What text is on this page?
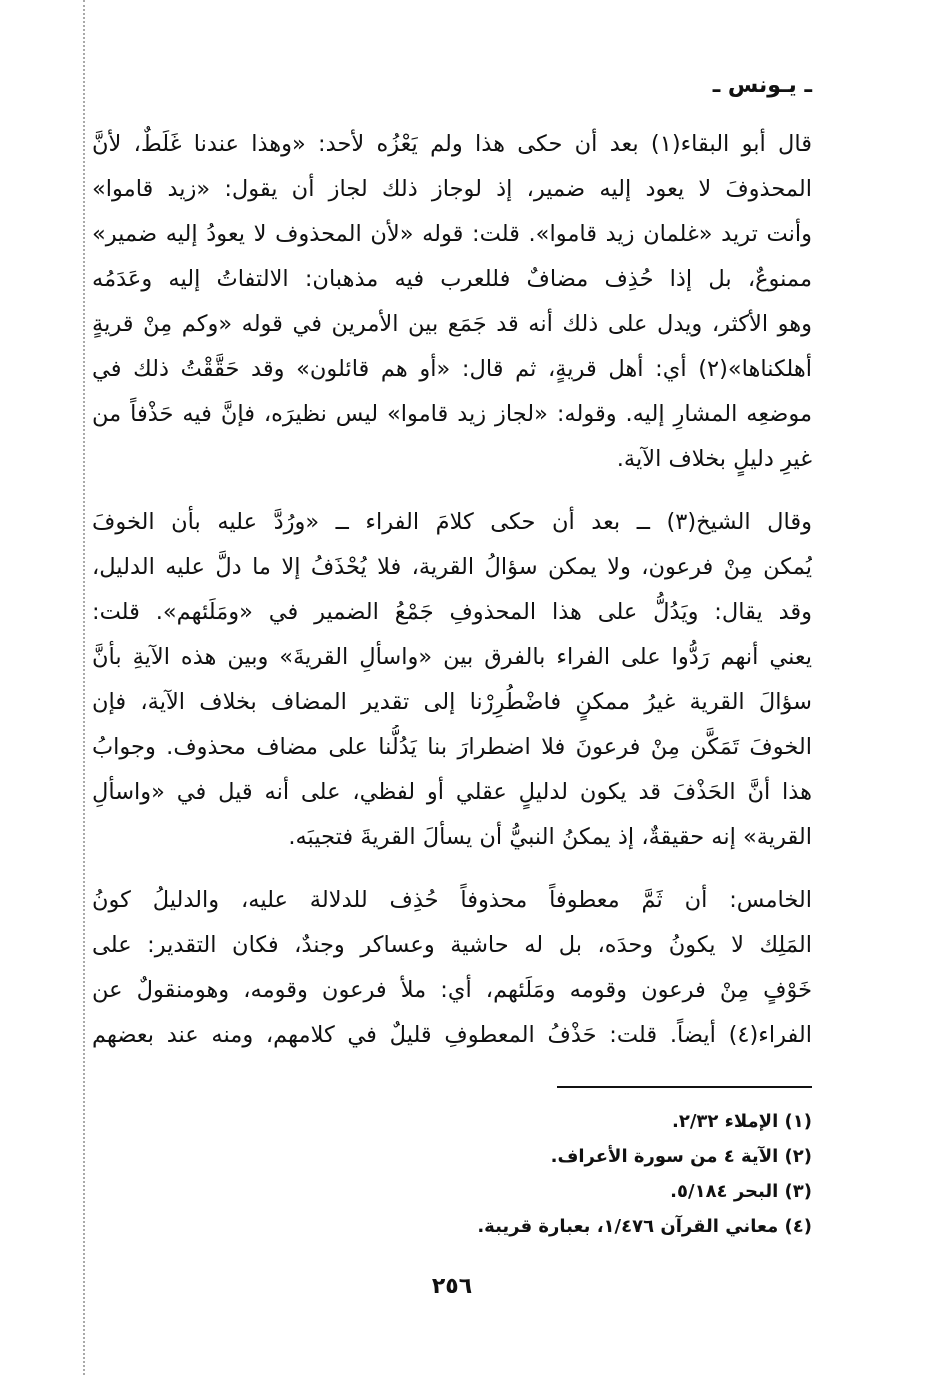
ـ يـونس ـ
قال أبو البقاء(١) بعد أن حكى هذا ولم يَعْزُه لأحد: «وهذا عندنا غَلَطٌ، لأنَّ
المحذوفَ لا يعود إليه ضمير، إذ لوجاز ذلك لجاز أن يقول: «زيد قاموا»
وأنت تريد «غلمان زيد قاموا». قلت: قوله «لأن المحذوف لا يعودُ إليه ضمير»
ممنوعٌ، بل إذا حُذِف مضافٌ فللعرب فيه مذهبان: الالتفاتُ إليه وعَدَمُه
وهو الأكثر، ويدل على ذلك أنه قد جَمَع بين الأمرين في قوله «وكم مِنْ قريةٍ
أهلكناها»(٢) أي: أهل قريةٍ، ثم قال: «أو هم قائلون» وقد حَقَّقْتُ ذلك في
موضعِه المشارِ إليه. وقوله: «لجاز زيد قاموا» ليس نظيرَه، فإنَّ فيه حَذْفاً من
غيرِ دليلٍ بخلاف الآية.
وقال الشيخ(٣) ــ بعد أن حكى كلامَ الفراء ــ «ورُدَّ عليه بأن الخوفَ
يُمكن مِنْ فرعون، ولا يمكن سؤالُ القرية، فلا يُحْذَفُ إلا ما دلَّ عليه الدليل،
وقد يقال: ويَدُلُّ على هذا المحذوفِ جَمْعُ الضمير في «ومَلَئهم». قلت:
يعني أنهم رَدُّوا على الفراء بالفرق بين «واسألِ القريةَ» وبين هذه الآيةِ بأنَّ
سؤالَ القرية غيرُ ممكنٍ فاضْطُرِرْنا إلى تقدير المضاف بخلاف الآية، فإن
الخوفَ تَمَكَّن مِنْ فرعونَ فلا اضطرارَ بنا يَدُلُّنا على مضاف محذوف. وجوابُ
هذا أنَّ الحَذْفَ قد يكون لدليلٍ عقلي أو لفظي، على أنه قيل في «واسألِ
القرية» إنه حقيقةٌ، إذ يمكنُ النبيُّ أن يسألَ القريةَ فتجيبَه.
الخامس: أن ثَمَّ معطوفاً محذوفاً حُذِف للدلالة عليه، والدليلُ كونُ
المَلِك لا يكونُ وحدَه، بل له حاشية وعساكر وجندٌ، فكان التقدير: على
خَوْفٍ مِنْ فرعون وقومه ومَلَئهم، أي: ملأ فرعون وقومه، وهومنقولٌ عن
الفراء(٤) أيضاً. قلت: حَذْفُ المعطوفِ قليلٌ في كلامهم، ومنه عند بعضهم
(١) الإملاء ٢/٣٢.
(٢) الآية ٤ من سورة الأعراف.
(٣) البحر ٥/١٨٤.
(٤) معاني القرآن ١/٤٧٦، بعبارة قريبة.
٢٥٦
